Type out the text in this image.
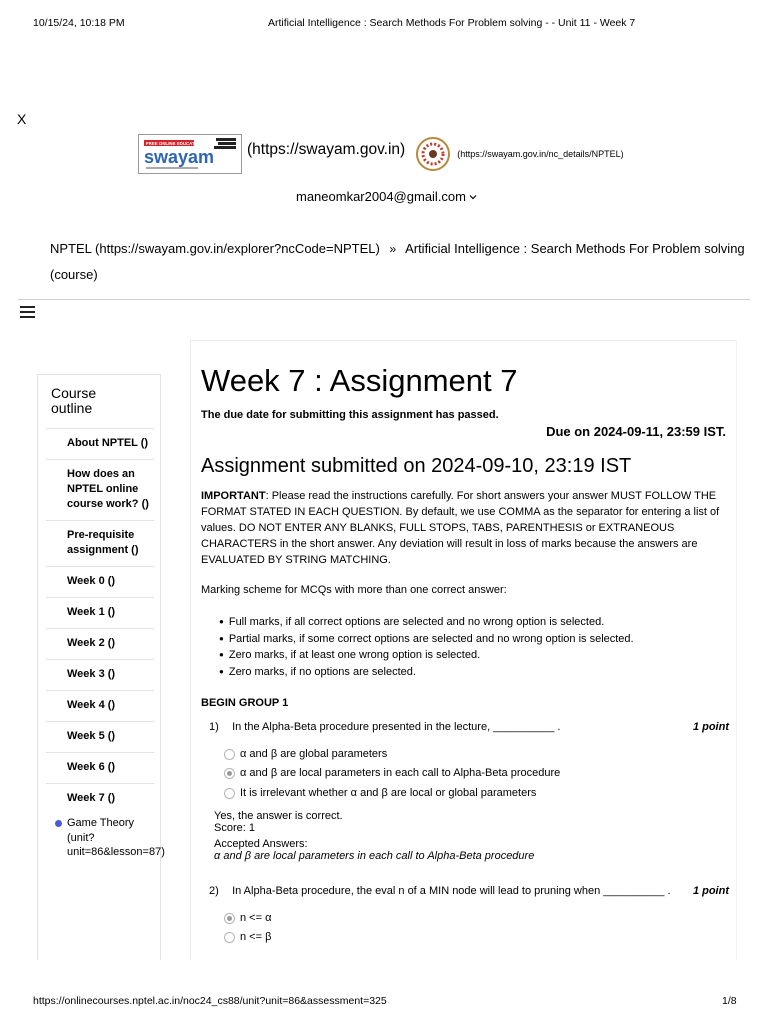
10/15/24, 10:18 PM	Artificial Intelligence : Search Methods For Problem solving - - Unit 11 - Week 7
X
FREE ONLINE EDUCATION
swayam (https://swayam.gov.in)	(https://swayam.gov.in/nc_details/NPTEL)
maneomkar2004@gmail.com
NPTEL (https://swayam.gov.in/explorer?ncCode=NPTEL) » Artificial Intelligence : Search Methods For Problem solving (course)
Course outline
About NPTEL ()
How does an NPTEL online course work? ()
Pre-requisite assignment ()
Week 0 ()
Week 1 ()
Week 2 ()
Week 3 ()
Week 4 ()
Week 5 ()
Week 6 ()
Week 7 ()
Game Theory (unit?unit=86&lesson=87)
Week 7 : Assignment 7
The due date for submitting this assignment has passed.
Due on 2024-09-11, 23:59 IST.
Assignment submitted on 2024-09-10, 23:19 IST
IMPORTANT: Please read the instructions carefully. For short answers your answer MUST FOLLOW THE FORMAT STATED IN EACH QUESTION. By default, we use COMMA as the separator for entering a list of values. DO NOT ENTER ANY BLANKS, FULL STOPS, TABS, PARENTHESIS or EXTRANEOUS CHARACTERS in the short answer. Any deviation will result in loss of marks because the answers are EVALUATED BY STRING MATCHING.
Marking scheme for MCQs with more than one correct answer:
● Full marks, if all correct options are selected and no wrong option is selected.
● Partial marks, if some correct options are selected and no wrong option is selected.
● Zero marks, if at least one wrong option is selected.
● Zero marks, if no options are selected.
BEGIN GROUP 1
1) In the Alpha-Beta procedure presented in the lecture, __________ .	1 point
α and β are global parameters
α and β are local parameters in each call to Alpha-Beta procedure
It is irrelevant whether α and β are local or global parameters
Yes, the answer is correct.
Score: 1
Accepted Answers:
α and β are local parameters in each call to Alpha-Beta procedure
2) In Alpha-Beta procedure, the eval n of a MIN node will lead to pruning when __________ . 1 point
n <= α
n <= β
https://onlinecourses.nptel.ac.in/noc24_cs88/unit?unit=86&assessment=325	1/8
